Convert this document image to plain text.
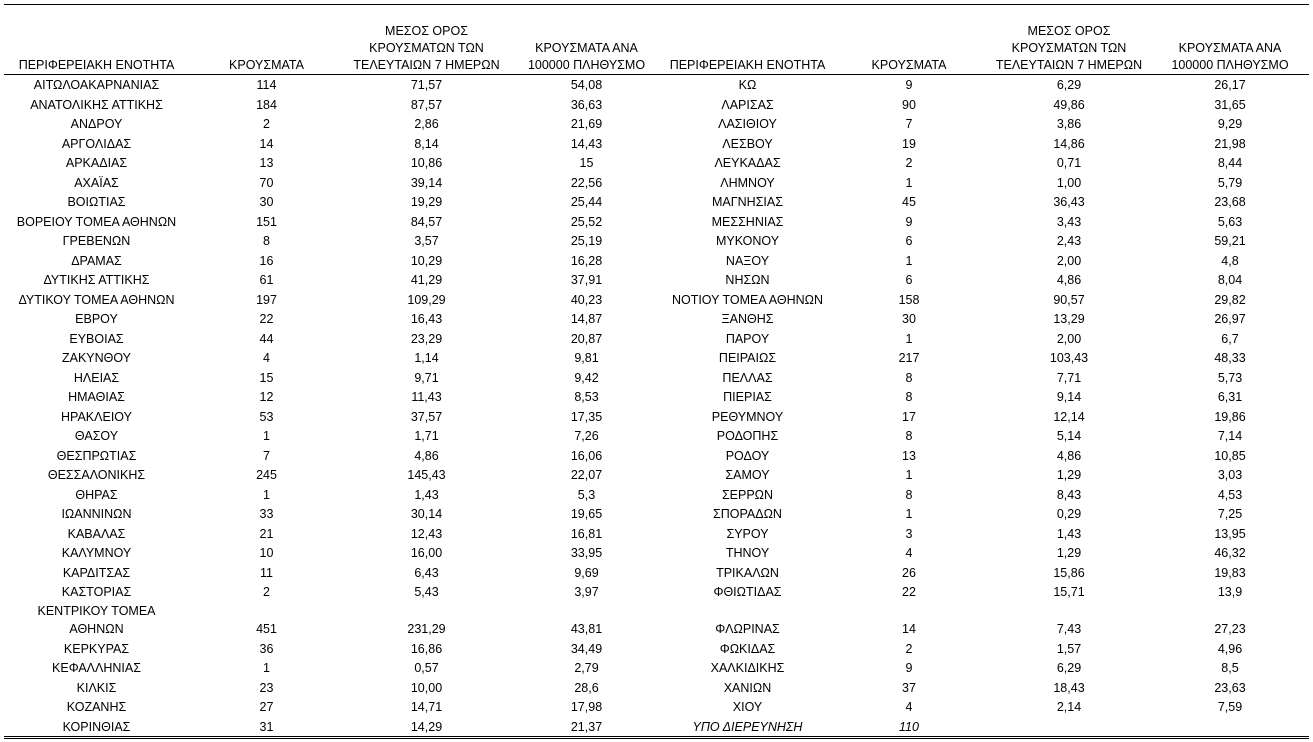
ΠΕΡΙΦΕΡΕΙΑΚΗ ΕΝΟΤΗΤΑ	ΚΡΟΥΣΜΑΤΑ
ΜΕΣΟΣ ΟΡΟΣ
ΚΡΟΥΣΜΑΤΩΝ ΤΩΝ
ΤΕΛΕΥΤΑΙΩΝ 7 ΗΜΕΡΩΝ
ΚΡΟΥΣΜΑΤΑ ΑΝΑ
100000 ΠΛΗΘΥΣΜΟ	ΠΕΡΙΦΕΡΕΙΑΚΗ ΕΝΟΤΗΤΑ	ΚΡΟΥΣΜΑΤΑ
ΜΕΣΟΣ ΟΡΟΣ
ΚΡΟΥΣΜΑΤΩΝ ΤΩΝ
ΤΕΛΕΥΤΑΙΩΝ 7 ΗΜΕΡΩΝ
ΚΡΟΥΣΜΑΤΑ ΑΝΑ
100000 ΠΛΗΘΥΣΜΟ
ΑΙΤΩΛΟΑΚΑΡΝΑΝΙΑΣ	114	71,57	54,08	ΚΩ	9	6,29	26,17
ΑΝΑΤΟΛΙΚΗΣ ΑΤΤΙΚΗΣ	184	87,57	36,63	ΛΑΡΙΣΑΣ	90	49,86	31,65
ΑΝΔΡΟΥ	2	2,86	21,69	ΛΑΣΙΘΙΟΥ	7	3,86	9,29
ΑΡΓΟΛΙΔΑΣ	14	8,14	14,43	ΛΕΣΒΟΥ	19	14,86	21,98
ΑΡΚΑΔΙΑΣ	13	10,86	15	ΛΕΥΚΑΔΑΣ	2	0,71	8,44
ΑΧΑΪΑΣ	70	39,14	22,56	ΛΗΜΝΟΥ	1	1,00	5,79
ΒΟΙΩΤΙΑΣ	30	19,29	25,44	ΜΑΓΝΗΣΙΑΣ	45	36,43	23,68
ΒΟΡΕΙΟΥ ΤΟΜΕΑ ΑΘΗΝΩΝ	151	84,57	25,52	ΜΕΣΣΗΝΙΑΣ	9	3,43	5,63
ΓΡΕΒΕΝΩΝ	8	3,57	25,19	ΜΥΚΟΝΟΥ	6	2,43	59,21
ΔΡΑΜΑΣ	16	10,29	16,28	ΝΑΞΟΥ	1	2,00	4,8
ΔΥΤΙΚΗΣ ΑΤΤΙΚΗΣ	61	41,29	37,91	ΝΗΣΩΝ	6	4,86	8,04
ΔΥΤΙΚΟΥ ΤΟΜΕΑ ΑΘΗΝΩΝ	197	109,29	40,23	ΝΟΤΙΟΥ ΤΟΜΕΑ ΑΘΗΝΩΝ	158	90,57	29,82
ΕΒΡΟΥ	22	16,43	14,87	ΞΑΝΘΗΣ	30	13,29	26,97
ΕΥΒΟΙΑΣ	44	23,29	20,87	ΠΑΡΟΥ	1	2,00	6,7
ΖΑΚΥΝΘΟΥ	4	1,14	9,81	ΠΕΙΡΑΙΩΣ	217	103,43	48,33
ΗΛΕΙΑΣ	15	9,71	9,42	ΠΕΛΛΑΣ	8	7,71	5,73
ΗΜΑΘΙΑΣ	12	11,43	8,53	ΠΙΕΡΙΑΣ	8	9,14	6,31
ΗΡΑΚΛΕΙΟΥ	53	37,57	17,35	ΡΕΘΥΜΝΟΥ	17	12,14	19,86
ΘΑΣΟΥ	1	1,71	7,26	ΡΟΔΟΠΗΣ	8	5,14	7,14
ΘΕΣΠΡΩΤΙΑΣ	7	4,86	16,06	ΡΟΔΟΥ	13	4,86	10,85
ΘΕΣΣΑΛΟΝΙΚΗΣ	245	145,43	22,07	ΣΑΜΟΥ	1	1,29	3,03
ΘΗΡΑΣ	1	1,43	5,3	ΣΕΡΡΩΝ	8	8,43	4,53
ΙΩΑΝΝΙΝΩΝ	33	30,14	19,65	ΣΠΟΡΑΔΩΝ	1	0,29	7,25
ΚΑΒΑΛΑΣ	21	12,43	16,81	ΣΥΡΟΥ	3	1,43	13,95
ΚΑΛΥΜΝΟΥ	10	16,00	33,95	ΤΗΝΟΥ	4	1,29	46,32
ΚΑΡΔΙΤΣΑΣ	11	6,43	9,69	ΤΡΙΚΑΛΩΝ	26	15,86	19,83
ΚΑΣΤΟΡΙΑΣ	2	5,43	3,97	ΦΘΙΩΤΙΔΑΣ	22	15,71	13,9
ΚΕΝΤΡΙΚΟΥ ΤΟΜΕΑ ΑΘΗΝΩΝ	451	231,29	43,81	ΦΛΩΡΙΝΑΣ	14	7,43	27,23
ΚΕΡΚΥΡΑΣ	36	16,86	34,49	ΦΩΚΙΔΑΣ	2	1,57	4,96
ΚΕΦΑΛΛΗΝΙΑΣ	1	0,57	2,79	ΧΑΛΚΙΔΙΚΗΣ	9	6,29	8,5
ΚΙΛΚΙΣ	23	10,00	28,6	ΧΑΝΙΩΝ	37	18,43	23,63
ΚΟΖΑΝΗΣ	27	14,71	17,98	ΧΙΟΥ	4	2,14	7,59
ΚΟΡΙΝΘΙΑΣ	31	14,29	21,37	ΥΠΟ ΔΙΕΡΕΥΝΗΣΗ	110
